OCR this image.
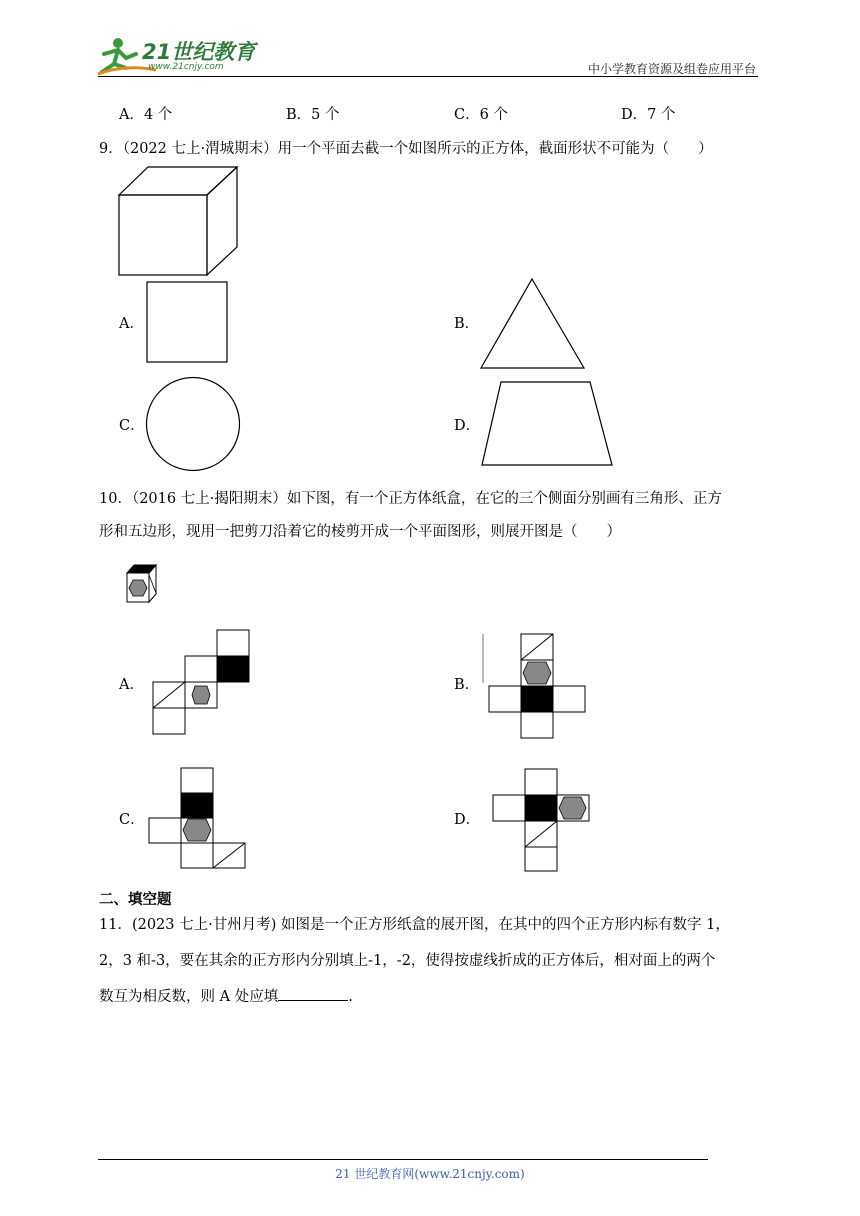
21世纪教育
www.21cnjy.com	中小学教育资源及组卷应用平台
A．4 个	B．5 个	C．6 个	D．7 个
9．（2022 七上·渭城期末）用一个平面去截一个如图所示的正方体，截面形状不可能为（　　）
A．	B．
C．	D．
10．（2016 七上·揭阳期末）如下图，有一个正方体纸盒，在它的三个侧面分别画有三角形、正方
形和五边形，现用一把剪刀沿着它的棱剪开成一个平面图形，则展开图是（　　）
A．	B．
C．	D．
二、填空题
11．(2023 七上·甘州月考) 如图是一个正方形纸盒的展开图，在其中的四个正方形内标有数字 1，
2，3 和-3，要在其余的正方形内分别填上-1，-2，使得按虚线折成的正方体后，相对面上的两个
数互为相反数，则 A 处应填	.
21 世纪教育网(www.21cnjy.com)
